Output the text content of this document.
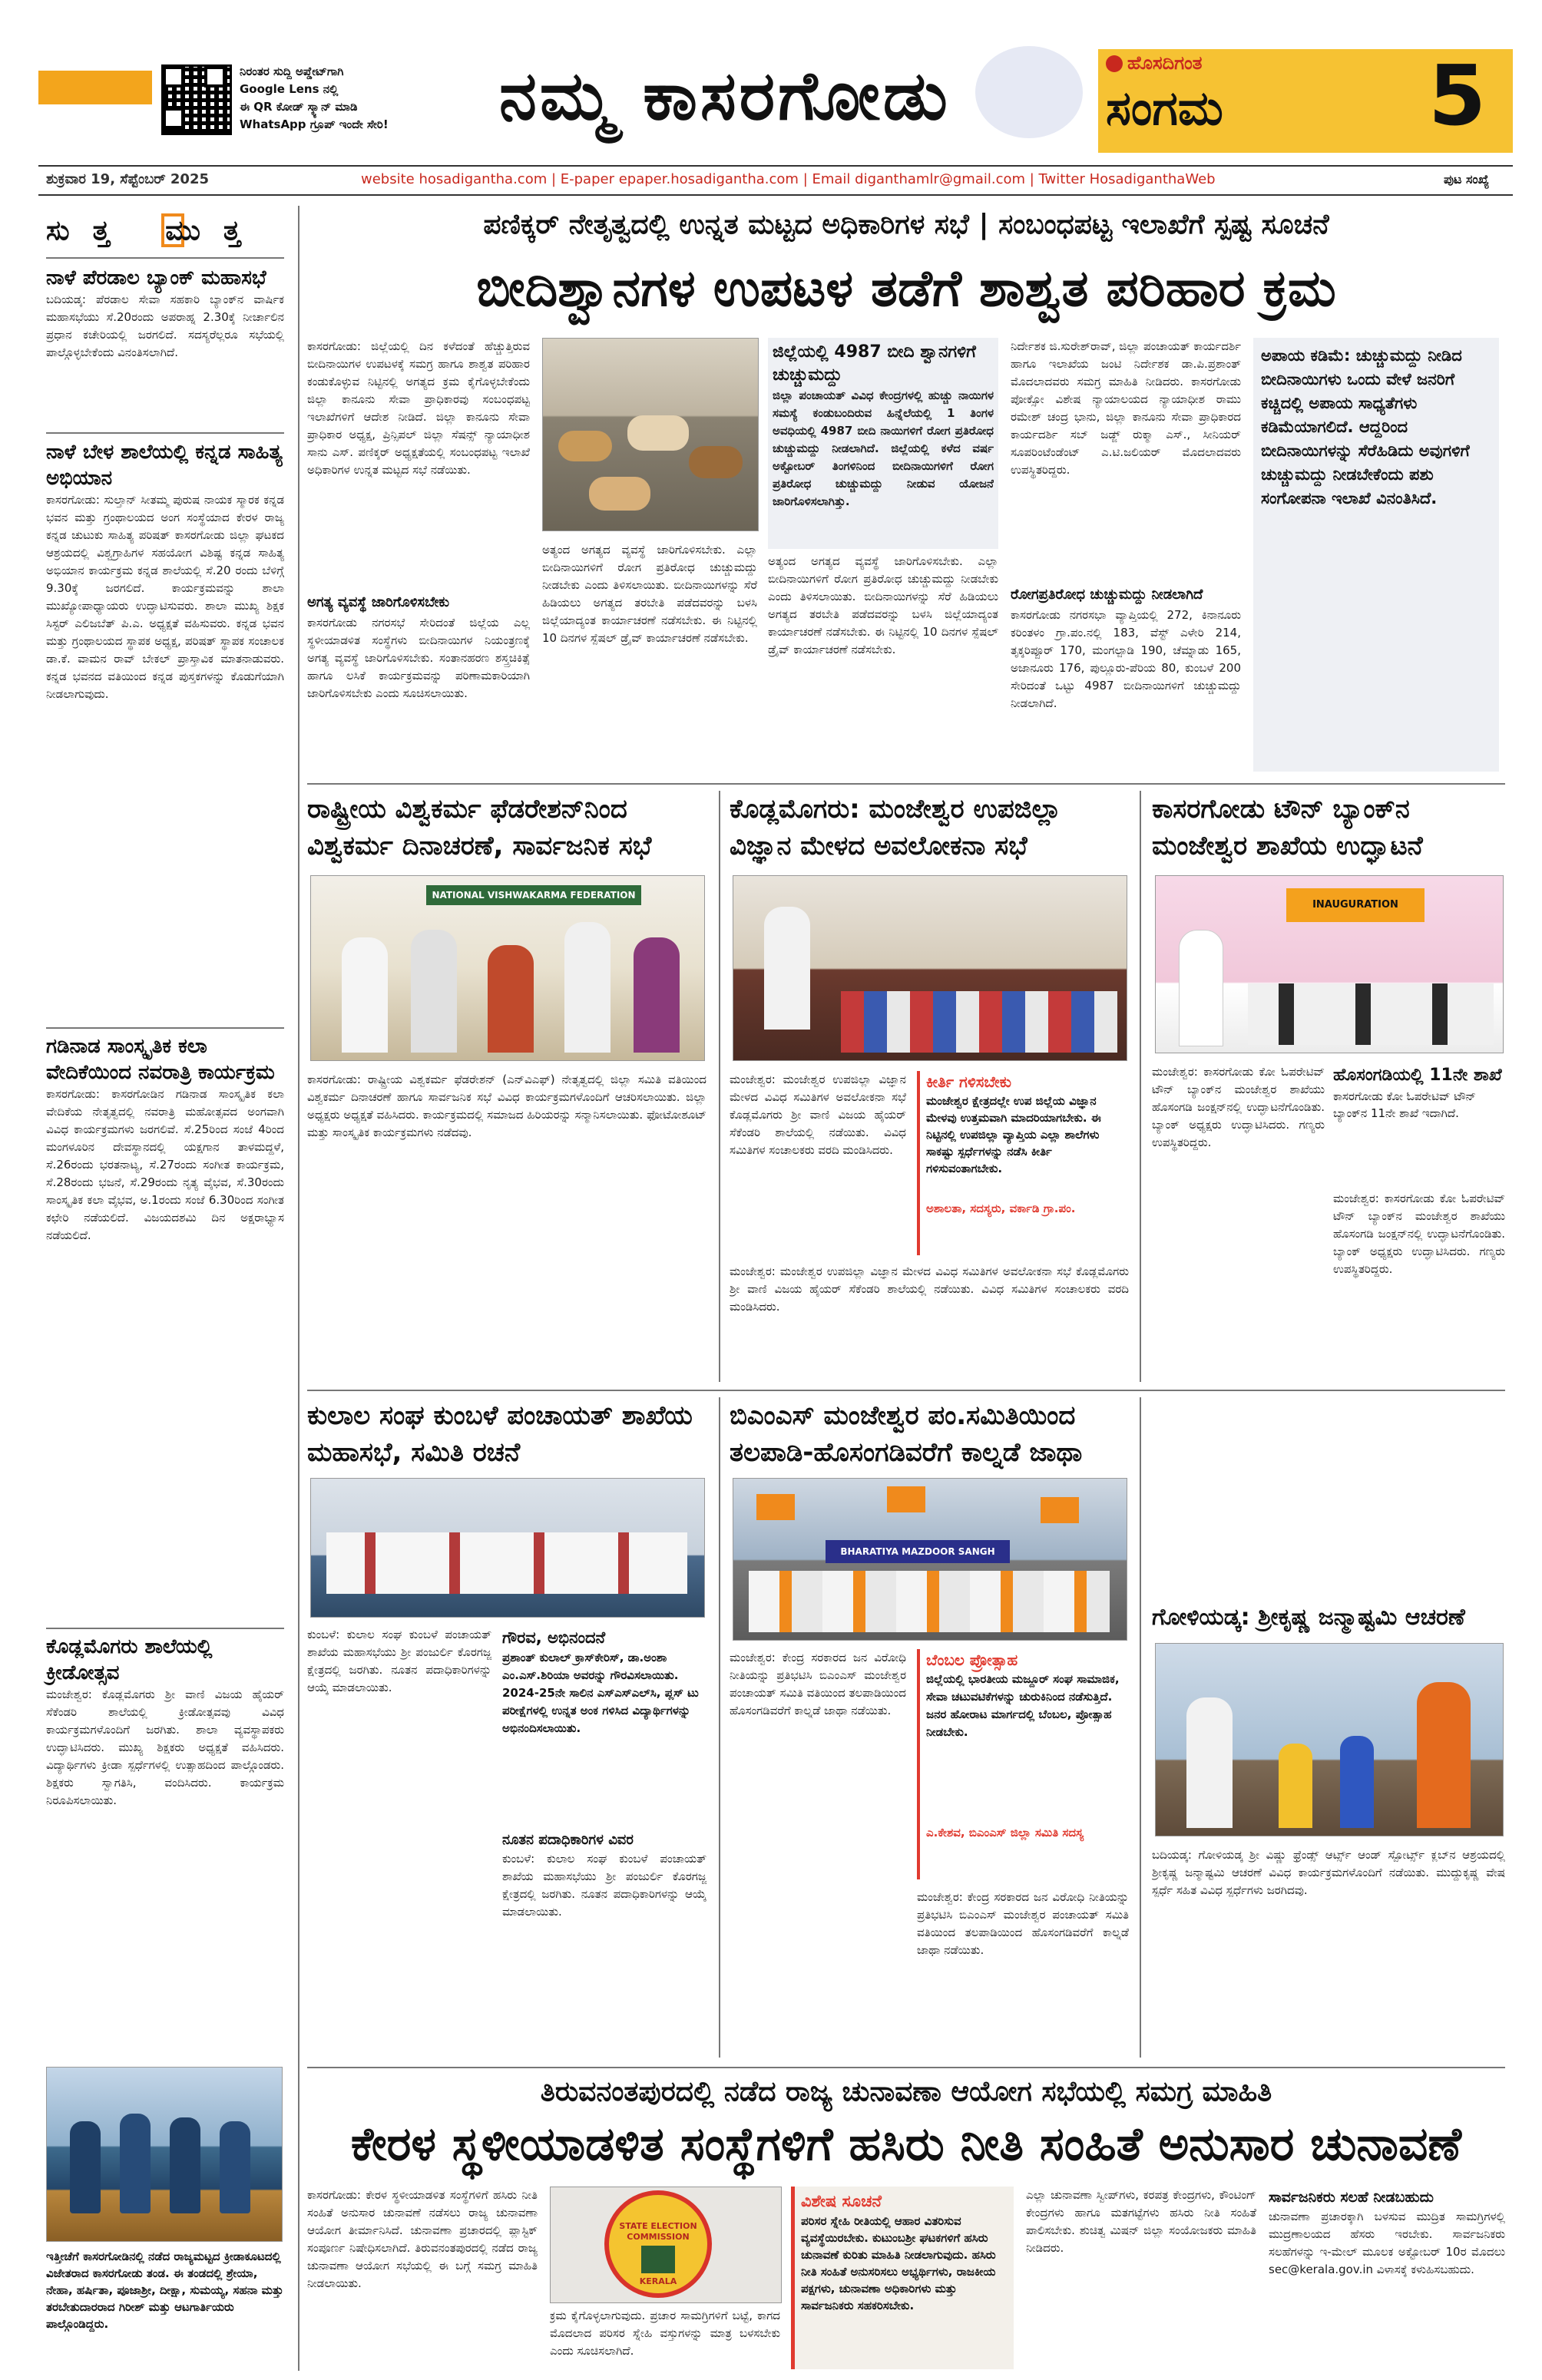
ನಿರಂತರ ಸುದ್ದಿ ಅಪ್ಡೇಟ್‌ಗಾಗಿ
Google Lens ನಲ್ಲಿ
ಈ QR ಕೋಡ್ ಸ್ಕ್ಯಾನ್ ಮಾಡಿ
WhatsApp ಗ್ರೂಪ್ ಇಂದೇ ಸೇರಿ! ನಮ್ಮ ಕಾಸರಗೋಡು	ಹೊಸದಿಗಂತ
ಸಂಗಮ 5
ಶುಕ್ರವಾರ 19, ಸೆಪ್ಟೆಂಬರ್ 2025	website hosadigantha.com | E-paper epaper.hosadigantha.com | Email diganthamlr@gmail.com | Twitter HosadiganthaWeb	ಪುಟ ಸಂಖ್ಯೆ
ಸುತ್ತ ಮುತ್ತ
ನಾಳೆ ಪೆರಡಾಲ ಬ್ಯಾಂಕ್ ಮಹಾಸಭೆ
ಬದಿಯಡ್ಕ: ಪೆರಡಾಲ ಸೇವಾ ಸಹಕಾರಿ ಬ್ಯಾಂಕ್‌ನ ವಾರ್ಷಿಕ ಮಹಾಸಭೆಯು ಸೆ.20ರಂದು ಅಪರಾಹ್ನ 2.30ಕ್ಕೆ ನೀರ್ಚಾಲಿನ ಪ್ರಧಾನ ಕಚೇರಿಯಲ್ಲಿ ಜರಗಲಿದೆ. ಸದಸ್ಯರೆಲ್ಲರೂ ಸಭೆಯಲ್ಲಿ ಪಾಲ್ಗೊಳ್ಳಬೇಕೆಂದು ವಿನಂತಿಸಲಾಗಿದೆ.
ನಾಳೆ ಬೇಳ ಶಾಲೆಯಲ್ಲಿ ಕನ್ನಡ ಸಾಹಿತ್ಯ ಅಭಿಯಾನ
ಕಾಸರಗೋಡು: ಸುಲ್ತಾನ್ ಸೀತಮ್ಮ ಪುರುಷ ನಾಯಕ ಸ್ಮಾರಕ ಕನ್ನಡ ಭವನ ಮತ್ತು ಗ್ರಂಥಾಲಯದ ಅಂಗ ಸಂಸ್ಥೆಯಾದ ಕೇರಳ ರಾಜ್ಯ ಕನ್ನಡ ಚುಟುಕು ಸಾಹಿತ್ಯ ಪರಿಷತ್ ಕಾಸರಗೋಡು ಜಿಲ್ಲಾ ಘಟಕದ ಆಶ್ರಯದಲ್ಲಿ ವಿಶ್ವಗ್ರಾಹಿಗಳ ಸಹಯೋಗ ವಿಶಿಷ್ಟ ಕನ್ನಡ ಸಾಹಿತ್ಯ ಅಭಿಯಾನ ಕಾರ್ಯಕ್ರಮ ಕನ್ನಡ ಶಾಲೆಯಲ್ಲಿ ಸೆ.20 ರಂದು ಬೆಳಿಗ್ಗೆ 9.30ಕ್ಕೆ ಜರಗಲಿದೆ. ಕಾರ್ಯಕ್ರಮವನ್ನು ಶಾಲಾ ಮುಖ್ಯೋಪಾಧ್ಯಾಯರು ಉದ್ಘಾಟಿಸುವರು. ಶಾಲಾ ಮುಖ್ಯ ಶಿಕ್ಷಕ ಸಿಸ್ಟರ್ ಎಲಿಜಬೆತ್ ಪಿ.ಎ. ಅಧ್ಯಕ್ಷತೆ ವಹಿಸುವರು. ಕನ್ನಡ ಭವನ ಮತ್ತು ಗ್ರಂಥಾಲಯದ ಸ್ಥಾಪಕ ಅಧ್ಯಕ್ಷ, ಪರಿಷತ್ ಸ್ಥಾಪಕ ಸಂಚಾಲಕ ಡಾ.ಕೆ. ವಾಮನ ರಾವ್ ಬೇಕಲ್ ಪ್ರಾಸ್ತಾವಿಕ ಮಾತನಾಡುವರು. ಕನ್ನಡ ಭವನದ ವತಿಯಿಂದ ಕನ್ನಡ ಪುಸ್ತಕಗಳನ್ನು ಕೊಡುಗೆಯಾಗಿ ನೀಡಲಾಗುವುದು.
ಗಡಿನಾಡ ಸಾಂಸ್ಕೃತಿಕ ಕಲಾ ವೇದಿಕೆಯಿಂದ ನವರಾತ್ರಿ ಕಾರ್ಯಕ್ರಮ
ಕಾಸರಗೋಡು: ಕಾಸರಗೋಡಿನ ಗಡಿನಾಡ ಸಾಂಸ್ಕೃತಿಕ ಕಲಾ ವೇದಿಕೆಯ ನೇತೃತ್ವದಲ್ಲಿ ನವರಾತ್ರಿ ಮಹೋತ್ಸವದ ಅಂಗವಾಗಿ ವಿವಿಧ ಕಾರ್ಯಕ್ರಮಗಳು ಜರಗಲಿವೆ. ಸೆ.25ರಿಂದ ಸಂಜೆ 4ರಿಂದ ಮಂಗಳೂರಿನ ದೇವಸ್ಥಾನದಲ್ಲಿ ಯಕ್ಷಗಾನ ತಾಳಮದ್ದಳೆ, ಸೆ.26ರಂದು ಭರತನಾಟ್ಯ, ಸೆ.27ರಂದು ಸಂಗೀತ ಕಾರ್ಯಕ್ರಮ, ಸೆ.28ರಂದು ಭಜನೆ, ಸೆ.29ರಂದು ನೃತ್ಯ ವೈಭವ, ಸೆ.30ರಂದು ಸಾಂಸ್ಕೃತಿಕ ಕಲಾ ವೈಭವ, ಅ.1ರಂದು ಸಂಜೆ 6.30ರಿಂದ ಸಂಗೀತ ಕಛೇರಿ ನಡೆಯಲಿದೆ. ವಿಜಯದಶಮಿ ದಿನ ಅಕ್ಷರಾಭ್ಯಾಸ ನಡೆಯಲಿದೆ.
ಕೊಡ್ಲಮೊಗರು ಶಾಲೆಯಲ್ಲಿ ಕ್ರೀಡೋತ್ಸವ
ಮಂಜೇಶ್ವರ: ಕೊಡ್ಲಮೊಗರು ಶ್ರೀ ವಾಣಿ ವಿಜಯ ಹೈಯರ್ ಸೆಕೆಂಡರಿ ಶಾಲೆಯಲ್ಲಿ ಕ್ರೀಡೋತ್ಸವವು ವಿವಿಧ ಕಾರ್ಯಕ್ರಮಗಳೊಂದಿಗೆ ಜರಗಿತು. ಶಾಲಾ ವ್ಯವಸ್ಥಾಪಕರು ಉದ್ಘಾಟಿಸಿದರು. ಮುಖ್ಯ ಶಿಕ್ಷಕರು ಅಧ್ಯಕ್ಷತೆ ವಹಿಸಿದರು. ವಿದ್ಯಾರ್ಥಿಗಳು ಕ್ರೀಡಾ ಸ್ಪರ್ಧೆಗಳಲ್ಲಿ ಉತ್ಸಾಹದಿಂದ ಪಾಲ್ಗೊಂಡರು. ಶಿಕ್ಷಕರು ಸ್ವಾಗತಿಸಿ, ವಂದಿಸಿದರು. ಕಾರ್ಯಕ್ರಮ ನಿರೂಪಿಸಲಾಯಿತು.
ಇತ್ತೀಚೆಗೆ ಕಾಸರಗೋಡಿನಲ್ಲಿ ನಡೆದ ರಾಜ್ಯಮಟ್ಟದ ಕ್ರೀಡಾಕೂಟದಲ್ಲಿ ವಿಜೇತರಾದ ಕಾಸರಗೋಡು ತಂಡ. ಈ ತಂಡದಲ್ಲಿ ಶ್ರೇಯಾ, ನೇಹಾ, ಹರ್ಷಿತಾ, ಪೂಜಾಶ್ರೀ, ದೀಕ್ಷಾ, ಸುಮಯ್ಯ, ಸಹನಾ ಮತ್ತು ತರಬೇತುದಾರರಾದ ಗಿರೀಶ್ ಮತ್ತು ಆಟಗಾರ್ತಿಯರು ಪಾಲ್ಗೊಂಡಿದ್ದರು.
ಪಣಿಕ್ಕರ್ ನೇತೃತ್ವದಲ್ಲಿ ಉನ್ನತ ಮಟ್ಟದ ಅಧಿಕಾರಿಗಳ ಸಭೆ | ಸಂಬಂಧಪಟ್ಟ ಇಲಾಖೆಗೆ ಸ್ಪಷ್ಟ ಸೂಚನೆ
ಬೀದಿಶ್ವಾನಗಳ ಉಪಟಳ ತಡೆಗೆ ಶಾಶ್ವತ ಪರಿಹಾರ ಕ್ರಮ
ಕಾಸರಗೋಡು: ಜಿಲ್ಲೆಯಲ್ಲಿ ದಿನ ಕಳೆದಂತೆ ಹೆಚ್ಚುತ್ತಿರುವ ಬೀದಿನಾಯಿಗಳ ಉಪಟಳಕ್ಕೆ ಸಮಗ್ರ ಹಾಗೂ ಶಾಶ್ವತ ಪರಿಹಾರ ಕಂಡುಕೊಳ್ಳುವ ನಿಟ್ಟಿನಲ್ಲಿ ಅಗತ್ಯದ ಕ್ರಮ ಕೈಗೊಳ್ಳಬೇಕೆಂದು ಜಿಲ್ಲಾ ಕಾನೂನು ಸೇವಾ ಪ್ರಾಧಿಕಾರವು ಸಂಬಂಧಪಟ್ಟ ಇಲಾಖೆಗಳಿಗೆ ಆದೇಶ ನೀಡಿದೆ. ಜಿಲ್ಲಾ ಕಾನೂನು ಸೇವಾ ಪ್ರಾಧಿಕಾರ ಅಧ್ಯಕ್ಷ, ಪ್ರಿನ್ಸಿಪಲ್ ಜಿಲ್ಲಾ ಸೆಷನ್ಸ್ ನ್ಯಾಯಾಧೀಶ ಸಾನು ಎಸ್. ಪಣಿಕ್ಕರ್ ಅಧ್ಯಕ್ಷತೆಯಲ್ಲಿ ಸಂಬಂಧಪಟ್ಟ ಇಲಾಖೆ ಅಧಿಕಾರಿಗಳ ಉನ್ನತ ಮಟ್ಟದ ಸಭೆ ನಡೆಯಿತು.
ಅಗತ್ಯ ವ್ಯವಸ್ಥೆ ಜಾರಿಗೊಳಿಸಬೇಕು
ಕಾಸರಗೋಡು ನಗರಸಭೆ ಸೇರಿದಂತೆ ಜಿಲ್ಲೆಯ ಎಲ್ಲ ಸ್ಥಳೀಯಾಡಳಿತ ಸಂಸ್ಥೆಗಳು ಬೀದಿನಾಯಿಗಳ ನಿಯಂತ್ರಣಕ್ಕೆ ಅಗತ್ಯ ವ್ಯವಸ್ಥೆ ಜಾರಿಗೊಳಿಸಬೇಕು. ಸಂತಾನಹರಣ ಶಸ್ತ್ರಚಿಕಿತ್ಸೆ ಹಾಗೂ ಲಸಿಕೆ ಕಾರ್ಯಕ್ರಮವನ್ನು ಪರಿಣಾಮಕಾರಿಯಾಗಿ ಜಾರಿಗೊಳಿಸಬೇಕು ಎಂದು ಸೂಚಿಸಲಾಯಿತು.
ಅತ್ಯಂದ ಅಗತ್ಯದ ವ್ಯವಸ್ಥೆ ಜಾರಿಗೊಳಿಸಬೇಕು. ಎಲ್ಲಾ ಬೀದಿನಾಯಿಗಳಿಗೆ ರೋಗ ಪ್ರತಿರೋಧ ಚುಚ್ಚುಮದ್ದು ನೀಡಬೇಕು ಎಂದು ತಿಳಿಸಲಾಯಿತು. ಬೀದಿನಾಯಿಗಳನ್ನು ಸೆರೆ ಹಿಡಿಯಲು ಅಗತ್ಯದ ತರಬೇತಿ ಪಡೆದವರನ್ನು ಬಳಸಿ ಜಿಲ್ಲೆಯಾದ್ಯಂತ ಕಾರ್ಯಾಚರಣೆ ನಡೆಸಬೇಕು. ಈ ನಿಟ್ಟಿನಲ್ಲಿ 10 ದಿನಗಳ ಸ್ಪೆಷಲ್ ಡ್ರೈವ್ ಕಾರ್ಯಾಚರಣೆ ನಡೆಸಬೇಕು.
ಜಿಲ್ಲೆಯಲ್ಲಿ 4987 ಬೀದಿ ಶ್ವಾನಗಳಿಗೆ ಚುಚ್ಚುಮದ್ದು
ಜಿಲ್ಲಾ ಪಂಚಾಯತ್ ವಿವಿಧ ಕೇಂದ್ರಗಳಲ್ಲಿ ಹುಚ್ಚು ನಾಯಿಗಳ ಸಮಸ್ಯೆ ಕಂಡುಬಂದಿರುವ ಹಿನ್ನೆಲೆಯಲ್ಲಿ 1 ತಿಂಗಳ ಅವಧಿಯಲ್ಲಿ 4987 ಬೀದಿ ನಾಯಿಗಳಿಗೆ ರೋಗ ಪ್ರತಿರೋಧ ಚುಚ್ಚುಮದ್ದು ನೀಡಲಾಗಿದೆ. ಜಿಲ್ಲೆಯಲ್ಲಿ ಕಳೆದ ವರ್ಷ ಅಕ್ಟೋಬರ್ ತಿಂಗಳಿನಿಂದ ಬೀದಿನಾಯಿಗಳಿಗೆ ರೋಗ ಪ್ರತಿರೋಧ ಚುಚ್ಚುಮದ್ದು ನೀಡುವ ಯೋಜನೆ ಜಾರಿಗೊಳಿಸಲಾಗಿತ್ತು.
ಅತ್ಯಂದ ಅಗತ್ಯದ ವ್ಯವಸ್ಥೆ ಜಾರಿಗೊಳಿಸಬೇಕು. ಎಲ್ಲಾ ಬೀದಿನಾಯಿಗಳಿಗೆ ರೋಗ ಪ್ರತಿರೋಧ ಚುಚ್ಚುಮದ್ದು ನೀಡಬೇಕು ಎಂದು ತಿಳಿಸಲಾಯಿತು. ಬೀದಿನಾಯಿಗಳನ್ನು ಸೆರೆ ಹಿಡಿಯಲು ಅಗತ್ಯದ ತರಬೇತಿ ಪಡೆದವರನ್ನು ಬಳಸಿ ಜಿಲ್ಲೆಯಾದ್ಯಂತ ಕಾರ್ಯಾಚರಣೆ ನಡೆಸಬೇಕು. ಈ ನಿಟ್ಟಿನಲ್ಲಿ 10 ದಿನಗಳ ಸ್ಪೆಷಲ್ ಡ್ರೈವ್ ಕಾರ್ಯಾಚರಣೆ ನಡೆಸಬೇಕು.
ನಿರ್ದೇಶಕ ಜಿ.ಸುರೇಶ್‌ರಾವ್, ಜಿಲ್ಲಾ ಪಂಚಾಯತ್ ಕಾರ್ಯದರ್ಶಿ ಹಾಗೂ ಇಲಾಖೆಯ ಜಂಟಿ ನಿರ್ದೇಶಕ ಡಾ.ಪಿ.ಪ್ರಶಾಂತ್ ಮೊದಲಾದವರು ಸಮಗ್ರ ಮಾಹಿತಿ ನೀಡಿದರು. ಕಾಸರಗೋಡು ಪೋಕ್ಸೋ ವಿಶೇಷ ನ್ಯಾಯಾಲಯದ ನ್ಯಾಯಾಧೀಶ ರಾಮು ರಮೇಶ್ ಚಂದ್ರ ಭಾನು, ಜಿಲ್ಲಾ ಕಾನೂನು ಸೇವಾ ಪ್ರಾಧಿಕಾರದ ಕಾರ್ಯದರ್ಶಿ ಸಬ್ ಜಡ್ಜ್ ರುಕ್ಮಾ ಎಸ್., ಸೀನಿಯರ್ ಸೂಪರಿಂಟೆಂಡೆಂಟ್ ಎ.ಟಿ.ಜಲಿಯರ್ ಮೊದಲಾದವರು ಉಪಸ್ಥಿತರಿದ್ದರು.
ರೋಗಪ್ರತಿರೋಧ ಚುಚ್ಚುಮದ್ದು ನೀಡಲಾಗಿದೆ
ಕಾಸರಗೋಡು ನಗರಸಭಾ ವ್ಯಾಪ್ತಿಯಲ್ಲಿ 272, ಕಿನಾನೂರು ಕರಿಂತಳಂ ಗ್ರಾ.ಪಂ.ನಲ್ಲಿ 183, ವೆಸ್ಟ್ ಎಳೇರಿ 214, ತೃಕ್ಕರಿಪ್ಪೂರ್ 170, ಮಂಗಲ್ಪಾಡಿ 190, ಚೆಮ್ನಾಡು 165, ಅಜಾನೂರು 176, ಪುಲ್ಲೂರು-ಪೆರಿಯ 80, ಕುಂಬಳೆ 200 ಸೇರಿದಂತೆ ಒಟ್ಟು 4987 ಬೀದಿನಾಯಿಗಳಿಗೆ ಚುಚ್ಚುಮದ್ದು ನೀಡಲಾಗಿದೆ.
ಅಪಾಯ ಕಡಿಮೆ: ಚುಚ್ಚುಮದ್ದು ನೀಡಿದ ಬೀದಿನಾಯಿಗಳು ಒಂದು ವೇಳೆ ಜನರಿಗೆ ಕಚ್ಚಿದಲ್ಲಿ ಅಪಾಯ ಸಾಧ್ಯತೆಗಳು ಕಡಿಮೆಯಾಗಲಿದೆ. ಆದ್ದರಿಂದ ಬೀದಿನಾಯಿಗಳನ್ನು ಸೆರೆಹಿಡಿದು ಅವುಗಳಿಗೆ ಚುಚ್ಚುಮದ್ದು ನೀಡಬೇಕೆಂದು ಪಶು ಸಂಗೋಪನಾ ಇಲಾಖೆ ವಿನಂತಿಸಿದೆ.
ರಾಷ್ಟ್ರೀಯ ವಿಶ್ವಕರ್ಮ ಫೆಡರೇಶನ್‌ನಿಂದ ವಿಶ್ವಕರ್ಮ ದಿನಾಚರಣೆ, ಸಾರ್ವಜನಿಕ ಸಭೆ
NATIONAL VISHWAKARMA FEDERATION
ಕಾಸರಗೋಡು: ರಾಷ್ಟ್ರೀಯ ವಿಶ್ವಕರ್ಮ ಫೆಡರೇಶನ್ (ಎನ್‌ವಿಎಫ್) ನೇತೃತ್ವದಲ್ಲಿ ಜಿಲ್ಲಾ ಸಮಿತಿ ವತಿಯಿಂದ ವಿಶ್ವಕರ್ಮ ದಿನಾಚರಣೆ ಹಾಗೂ ಸಾರ್ವಜನಿಕ ಸಭೆ ವಿವಿಧ ಕಾರ್ಯಕ್ರಮಗಳೊಂದಿಗೆ ಆಚರಿಸಲಾಯಿತು. ಜಿಲ್ಲಾ ಅಧ್ಯಕ್ಷರು ಅಧ್ಯಕ್ಷತೆ ವಹಿಸಿದರು. ಕಾರ್ಯಕ್ರಮದಲ್ಲಿ ಸಮಾಜದ ಹಿರಿಯರನ್ನು ಸನ್ಮಾನಿಸಲಾಯಿತು. ಫೋಟೋಶೂಟ್ ಮತ್ತು ಸಾಂಸ್ಕೃತಿಕ ಕಾರ್ಯಕ್ರಮಗಳು ನಡೆದವು.
ಕೊಡ್ಲಮೊಗರು: ಮಂಜೇಶ್ವರ ಉಪಜಿಲ್ಲಾ ವಿಜ್ಞಾನ ಮೇಳದ ಅವಲೋಕನಾ ಸಭೆ
ಮಂಜೇಶ್ವರ: ಮಂಜೇಶ್ವರ ಉಪಜಿಲ್ಲಾ ವಿಜ್ಞಾನ ಮೇಳದ ವಿವಿಧ ಸಮಿತಿಗಳ ಅವಲೋಕನಾ ಸಭೆ ಕೊಡ್ಲಮೊಗರು ಶ್ರೀ ವಾಣಿ ವಿಜಯ ಹೈಯರ್ ಸೆಕೆಂಡರಿ ಶಾಲೆಯಲ್ಲಿ ನಡೆಯಿತು. ವಿವಿಧ ಸಮಿತಿಗಳ ಸಂಚಾಲಕರು ವರದಿ ಮಂಡಿಸಿದರು.
ಕೀರ್ತಿ ಗಳಿಸಬೇಕು
ಮಂಜೇಶ್ವರ ಕ್ಷೇತ್ರದಲ್ಲೇ ಉಪ ಜಿಲ್ಲೆಯ ವಿಜ್ಞಾನ ಮೇಳವು ಉತ್ತಮವಾಗಿ ಮಾದರಿಯಾಗಬೇಕು. ಈ ನಿಟ್ಟಿನಲ್ಲಿ ಉಪಜಿಲ್ಲಾ ವ್ಯಾಪ್ತಿಯ ಎಲ್ಲಾ ಶಾಲೆಗಳು ಸಾಕಷ್ಟು ಸ್ಪರ್ಧೆಗಳನ್ನು ನಡೆಸಿ ಕೀರ್ತಿ ಗಳಿಸುವಂತಾಗಬೇಕು.
ಅಶಾಲತಾ, ಸದಸ್ಯರು, ವರ್ಕಾಡಿ ಗ್ರಾ.ಪಂ.
ಮಂಜೇಶ್ವರ: ಮಂಜೇಶ್ವರ ಉಪಜಿಲ್ಲಾ ವಿಜ್ಞಾನ ಮೇಳದ ವಿವಿಧ ಸಮಿತಿಗಳ ಅವಲೋಕನಾ ಸಭೆ ಕೊಡ್ಲಮೊಗರು ಶ್ರೀ ವಾಣಿ ವಿಜಯ ಹೈಯರ್ ಸೆಕೆಂಡರಿ ಶಾಲೆಯಲ್ಲಿ ನಡೆಯಿತು. ವಿವಿಧ ಸಮಿತಿಗಳ ಸಂಚಾಲಕರು ವರದಿ ಮಂಡಿಸಿದರು.
ಕಾಸರಗೋಡು ಟೌನ್ ಬ್ಯಾಂಕ್‌ನ ಮಂಜೇಶ್ವರ ಶಾಖೆಯ ಉದ್ಘಾಟನೆ
INAUGURATION
ಮಂಜೇಶ್ವರ: ಕಾಸರಗೋಡು ಕೋ ಓಪರೇಟಿವ್ ಟೌನ್ ಬ್ಯಾಂಕ್‌ನ ಮಂಜೇಶ್ವರ ಶಾಖೆಯು ಹೊಸಂಗಡಿ ಜಂಕ್ಷನ್‌ನಲ್ಲಿ ಉದ್ಘಾಟನೆಗೊಂಡಿತು. ಬ್ಯಾಂಕ್ ಅಧ್ಯಕ್ಷರು ಉದ್ಘಾಟಿಸಿದರು. ಗಣ್ಯರು ಉಪಸ್ಥಿತರಿದ್ದರು.
ಹೊಸಂಗಡಿಯಲ್ಲಿ 11ನೇ ಶಾಖೆ
ಕಾಸರಗೋಡು ಕೋ ಓಪರೇಟಿವ್ ಟೌನ್ ಬ್ಯಾಂಕ್‌ನ 11ನೇ ಶಾಖೆ ಇದಾಗಿದೆ.
ಮಂಜೇಶ್ವರ: ಕಾಸರಗೋಡು ಕೋ ಓಪರೇಟಿವ್ ಟೌನ್ ಬ್ಯಾಂಕ್‌ನ ಮಂಜೇಶ್ವರ ಶಾಖೆಯು ಹೊಸಂಗಡಿ ಜಂಕ್ಷನ್‌ನಲ್ಲಿ ಉದ್ಘಾಟನೆಗೊಂಡಿತು. ಬ್ಯಾಂಕ್ ಅಧ್ಯಕ್ಷರು ಉದ್ಘಾಟಿಸಿದರು. ಗಣ್ಯರು ಉಪಸ್ಥಿತರಿದ್ದರು.
ಕುಲಾಲ ಸಂಘ ಕುಂಬಳೆ ಪಂಚಾಯತ್ ಶಾಖೆಯ ಮಹಾಸಭೆ, ಸಮಿತಿ ರಚನೆ
ಕುಂಬಳೆ: ಕುಲಾಲ ಸಂಘ ಕುಂಬಳೆ ಪಂಚಾಯತ್ ಶಾಖೆಯ ಮಹಾಸಭೆಯು ಶ್ರೀ ಪಂಜುರ್ಲಿ ಕೊರಗಜ್ಜ ಕ್ಷೇತ್ರದಲ್ಲಿ ಜರಗಿತು. ನೂತನ ಪದಾಧಿಕಾರಿಗಳನ್ನು ಆಯ್ಕೆ ಮಾಡಲಾಯಿತು.
ಗೌರವ, ಅಭಿನಂದನೆ
ಪ್ರಶಾಂತ್ ಕುಲಾಲ್ ಕ್ರಾಸ್‌ಕೇರಿಸ್, ಡಾ.ಅಂಶಾ ಎಂ.ಎಸ್.ಶಿರಿಯಾ ಅವರನ್ನು ಗೌರವಿಸಲಾಯಿತು. 2024-25ನೇ ಸಾಲಿನ ಎಸ್‌ಎಸ್‌ಎಲ್‌ಸಿ, ಪ್ಲಸ್ ಟು ಪರೀಕ್ಷೆಗಳಲ್ಲಿ ಉನ್ನತ ಅಂಕ ಗಳಿಸಿದ ವಿದ್ಯಾರ್ಥಿಗಳನ್ನು ಅಭಿನಂದಿಸಲಾಯಿತು.
ನೂತನ ಪದಾಧಿಕಾರಿಗಳ ವಿವರ
ಕುಂಬಳೆ: ಕುಲಾಲ ಸಂಘ ಕುಂಬಳೆ ಪಂಚಾಯತ್ ಶಾಖೆಯ ಮಹಾಸಭೆಯು ಶ್ರೀ ಪಂಜುರ್ಲಿ ಕೊರಗಜ್ಜ ಕ್ಷೇತ್ರದಲ್ಲಿ ಜರಗಿತು. ನೂತನ ಪದಾಧಿಕಾರಿಗಳನ್ನು ಆಯ್ಕೆ ಮಾಡಲಾಯಿತು.
ಬಿಎಂಎಸ್ ಮಂಜೇಶ್ವರ ಪಂ.ಸಮಿತಿಯಿಂದ ತಲಪಾಡಿ-ಹೊಸಂಗಡಿವರೆಗೆ ಕಾಲ್ನಡೆ ಜಾಥಾ
BHARATIYA MAZDOOR SANGH
ಮಂಜೇಶ್ವರ: ಕೇಂದ್ರ ಸರಕಾರದ ಜನ ವಿರೋಧಿ ನೀತಿಯನ್ನು ಪ್ರತಿಭಟಿಸಿ ಬಿಎಂಎಸ್ ಮಂಜೇಶ್ವರ ಪಂಚಾಯತ್ ಸಮಿತಿ ವತಿಯಿಂದ ತಲಪಾಡಿಯಿಂದ ಹೊಸಂಗಡಿವರೆಗೆ ಕಾಲ್ನಡೆ ಜಾಥಾ ನಡೆಯಿತು.
ಬೆಂಬಲ ಪ್ರೋತ್ಸಾಹ
ಜಿಲ್ಲೆಯಲ್ಲಿ ಭಾರತೀಯ ಮಜ್ದೂರ್ ಸಂಘ ಸಾಮಾಜಿಕ, ಸೇವಾ ಚಟುವಟಿಕೆಗಳನ್ನು ಚುರುಕಿನಿಂದ ನಡೆಸುತ್ತಿದೆ. ಜನರ ಹೋರಾಟ ಮಾರ್ಗದಲ್ಲಿ ಬೆಂಬಲ, ಪ್ರೋತ್ಸಾಹ ನೀಡಬೇಕು.
ಎ.ಕೇಶವ, ಬಿಎಂಎಸ್ ಜಿಲ್ಲಾ ಸಮಿತಿ ಸದಸ್ಯ
ಮಂಜೇಶ್ವರ: ಕೇಂದ್ರ ಸರಕಾರದ ಜನ ವಿರೋಧಿ ನೀತಿಯನ್ನು ಪ್ರತಿಭಟಿಸಿ ಬಿಎಂಎಸ್ ಮಂಜೇಶ್ವರ ಪಂಚಾಯತ್ ಸಮಿತಿ ವತಿಯಿಂದ ತಲಪಾಡಿಯಿಂದ ಹೊಸಂಗಡಿವರೆಗೆ ಕಾಲ್ನಡೆ ಜಾಥಾ ನಡೆಯಿತು.
ಗೋಳಿಯಡ್ಕ: ಶ್ರೀಕೃಷ್ಣ ಜನ್ಮಾಷ್ಟಮಿ ಆಚರಣೆ
ಬದಿಯಡ್ಕ: ಗೋಳಿಯಡ್ಕ ಶ್ರೀ ವಿಷ್ಣು ಫ್ರೆಂಡ್ಸ್ ಆರ್ಟ್ಸ್ ಆಂಡ್ ಸ್ಪೋರ್ಟ್ಸ್ ಕ್ಲಬ್‌ನ ಆಶ್ರಯದಲ್ಲಿ ಶ್ರೀಕೃಷ್ಣ ಜನ್ಮಾಷ್ಟಮಿ ಆಚರಣೆ ವಿವಿಧ ಕಾರ್ಯಕ್ರಮಗಳೊಂದಿಗೆ ನಡೆಯಿತು. ಮುದ್ದುಕೃಷ್ಣ ವೇಷ ಸ್ಪರ್ಧೆ ಸಹಿತ ವಿವಿಧ ಸ್ಪರ್ಧೆಗಳು ಜರಗಿದವು.
ತಿರುವನಂತಪುರದಲ್ಲಿ ನಡೆದ ರಾಜ್ಯ ಚುನಾವಣಾ ಆಯೋಗ ಸಭೆಯಲ್ಲಿ ಸಮಗ್ರ ಮಾಹಿತಿ
ಕೇರಳ ಸ್ಥಳೀಯಾಡಳಿತ ಸಂಸ್ಥೆಗಳಿಗೆ ಹಸಿರು ನೀತಿ ಸಂಹಿತೆ ಅನುಸಾರ ಚುನಾವಣೆ
ಕಾಸರಗೋಡು: ಕೇರಳ ಸ್ಥಳೀಯಾಡಳಿತ ಸಂಸ್ಥೆಗಳಿಗೆ ಹಸಿರು ನೀತಿ ಸಂಹಿತೆ ಅನುಸಾರ ಚುನಾವಣೆ ನಡೆಸಲು ರಾಜ್ಯ ಚುನಾವಣಾ ಆಯೋಗ ತೀರ್ಮಾನಿಸಿದೆ. ಚುನಾವಣಾ ಪ್ರಚಾರದಲ್ಲಿ ಪ್ಲಾಸ್ಟಿಕ್ ಸಂಪೂರ್ಣ ನಿಷೇಧಿಸಲಾಗಿದೆ. ತಿರುವನಂತಪುರದಲ್ಲಿ ನಡೆದ ರಾಜ್ಯ ಚುನಾವಣಾ ಆಯೋಗ ಸಭೆಯಲ್ಲಿ ಈ ಬಗ್ಗೆ ಸಮಗ್ರ ಮಾಹಿತಿ ನೀಡಲಾಯಿತು.
STATE ELECTION COMMISSION
KERALA
ಕ್ರಮ ಕೈಗೊಳ್ಳಲಾಗುವುದು. ಪ್ರಚಾರ ಸಾಮಗ್ರಿಗಳಿಗೆ ಬಟ್ಟೆ, ಕಾಗದ ಮೊದಲಾದ ಪರಿಸರ ಸ್ನೇಹಿ ವಸ್ತುಗಳನ್ನು ಮಾತ್ರ ಬಳಸಬೇಕು ಎಂದು ಸೂಚಿಸಲಾಗಿದೆ.
ವಿಶೇಷ ಸೂಚನೆ
ಪರಿಸರ ಸ್ನೇಹಿ ರೀತಿಯಲ್ಲಿ ಆಹಾರ ವಿತರಿಸುವ ವ್ಯವಸ್ಥೆಯಿರಬೇಕು. ಕುಟುಂಬಶ್ರೀ ಘಟಕಗಳಿಗೆ ಹಸಿರು ಚುನಾವಣೆ ಕುರಿತು ಮಾಹಿತಿ ನೀಡಲಾಗುವುದು. ಹಸಿರು ನೀತಿ ಸಂಹಿತೆ ಅನುಸರಿಸಲು ಅಭ್ಯರ್ಥಿಗಳು, ರಾಜಕೀಯ ಪಕ್ಷಗಳು, ಚುನಾವಣಾ ಅಧಿಕಾರಿಗಳು ಮತ್ತು ಸಾರ್ವಜನಿಕರು ಸಹಕರಿಸಬೇಕು.
ಎಲ್ಲಾ ಚುನಾವಣಾ ಸ್ವೀಪ್‌ಗಳು, ಕರಪತ್ರ ಕೇಂದ್ರಗಳು, ಕೌಂಟಿಂಗ್ ಕೇಂದ್ರಗಳು ಹಾಗೂ ಮತಗಟ್ಟೆಗಳು ಹಸಿರು ನೀತಿ ಸಂಹಿತೆ ಪಾಲಿಸಬೇಕು. ಶುಚಿತ್ವ ಮಿಷನ್ ಜಿಲ್ಲಾ ಸಂಯೋಜಕರು ಮಾಹಿತಿ ನೀಡಿದರು.
ಸಾರ್ವಜನಿಕರು ಸಲಹೆ ನೀಡಬಹುದು
ಚುನಾವಣಾ ಪ್ರಚಾರಕ್ಕಾಗಿ ಬಳಸುವ ಮುದ್ರಿತ ಸಾಮಗ್ರಿಗಳಲ್ಲಿ ಮುದ್ರಣಾಲಯದ ಹೆಸರು ಇರಬೇಕು. ಸಾರ್ವಜನಿಕರು ಸಲಹೆಗಳನ್ನು ಇ-ಮೇಲ್ ಮೂಲಕ ಅಕ್ಟೋಬರ್ 10ರ ಮೊದಲು sec@kerala.gov.in ವಿಳಾಸಕ್ಕೆ ಕಳುಹಿಸಬಹುದು.
